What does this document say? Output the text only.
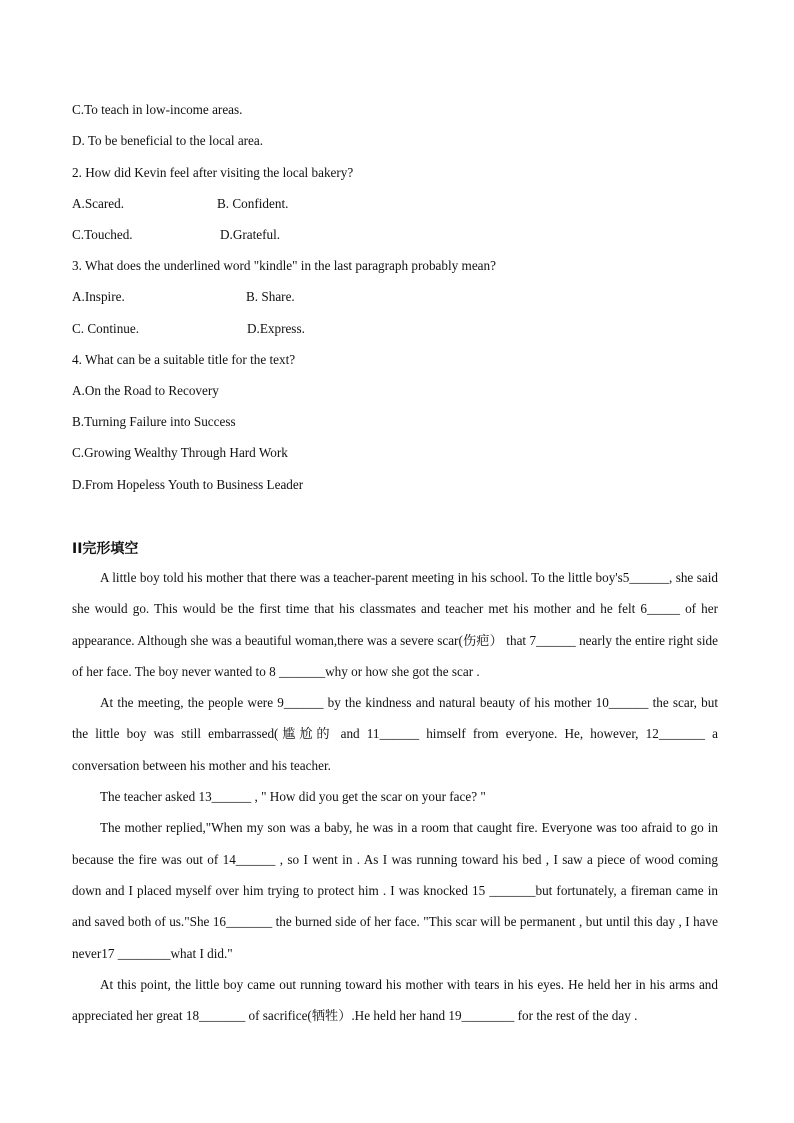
C.To teach in low-income areas.
D. To be beneficial to the local area.
2. How did Kevin feel after visiting the local bakery?
A.Scared.	B. Confident.
C.Touched.	D.Grateful.
3. What does the underlined word "kindle" in the last paragraph probably mean?
A.Inspire.	B. Share.
C. Continue.	D.Express.
4. What can be a suitable title for the text?
A.On the Road to Recovery
B.Turning Failure into Success
C.Growing Wealthy Through Hard Work
D.From Hopeless Youth to Business Leader
II完形填空

A little boy told his mother that there was a teacher-parent meeting in his school. To the little boy's5______, she said she would go. This would be the first time that his classmates and teacher met his mother and he felt 6_____ of her appearance. Although she was a beautiful woman,there was a severe scar(伤疤） that 7______ nearly the entire right side of her face. The boy never wanted to 8 _______why or how she got the scar .

At the meeting, the people were 9______ by the kindness and natural beauty of his mother 10______ the scar, but the little boy was still embarrassed(尴尬的 and 11______ himself from everyone. He, however, 12_______ a conversation between his mother and his teacher.

The teacher asked 13______ , " How did you get the scar on your face? "

The mother replied,"When my son was a baby, he was in a room that caught fire. Everyone was too afraid to go in because the fire was out of 14______ , so I went in . As I was running toward his bed , I saw a piece of wood coming down and I placed myself over him trying to protect him . I was knocked 15 _______but fortunately, a fireman came in and saved both of us."She 16_______ the burned side of her face. "This scar will be permanent , but until this day , I have never17 ________what I did."

At this point, the little boy came out running toward his mother with tears in his eyes. He held her in his arms and appreciated her great 18_______ of sacrifice(牺牲）.He held her hand 19________ for the rest of the day .
